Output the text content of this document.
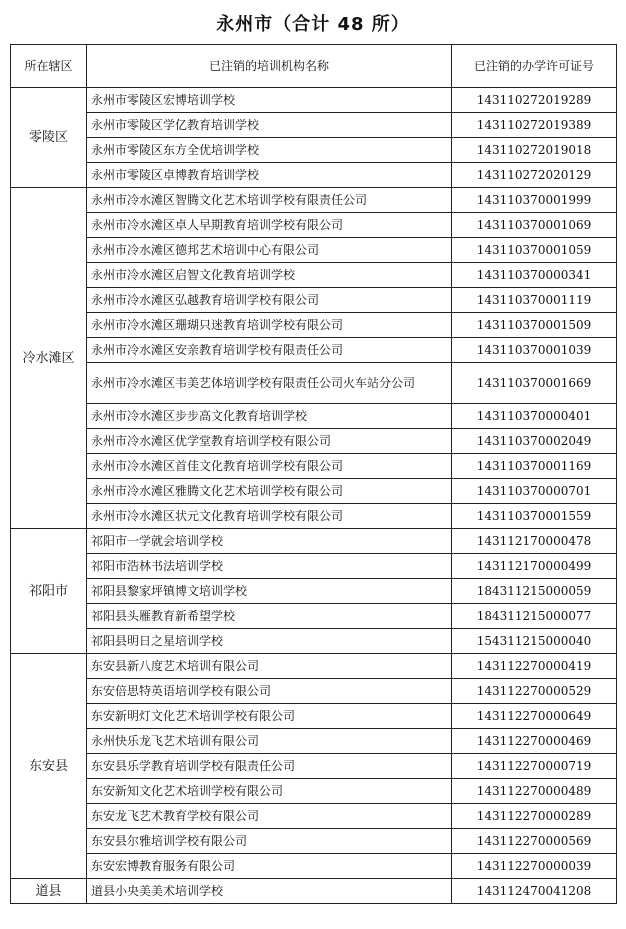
永州市（合计 48 所）
所在辖区	已注销的培训机构名称	已注销的办学许可证号
零陵区	永州市零陵区宏博培训学校	143110272019289
	永州市零陵区学亿教育培训学校	143110272019389
	永州市零陵区东方全优培训学校	143110272019018
	永州市零陵区卓博教育培训学校	143110272020129
冷水滩区	永州市冷水滩区智腾文化艺术培训学校有限责任公司	143110370001999
	永州市冷水滩区卓人早期教育培训学校有限公司	143110370001069
	永州市冷水滩区德邦艺术培训中心有限公司	143110370001059
	永州市冷水滩区启智文化教育培训学校	143110370000341
	永州市冷水滩区弘越教育培训学校有限公司	143110370001119
	永州市冷水滩区珊瑚只迷教育培训学校有限公司	143110370001509
	永州市冷水滩区安亲教育培训学校有限责任公司	143110370001039
	永州市冷水滩区韦美艺体培训学校有限责任公司火车站分公司	143110370001669
	永州市冷水滩区步步高文化教育培训学校	143110370000401
	永州市冷水滩区优学堂教育培训学校有限公司	143110370002049
	永州市冷水滩区首佳文化教育培训学校有限公司	143110370001169
	永州市冷水滩区雅腾文化艺术培训学校有限公司	143110370000701
	永州市冷水滩区状元文化教育培训学校有限公司	143110370001559
祁阳市	祁阳市一学就会培训学校	143112170000478
	祁阳市浩林书法培训学校	143112170000499
	祁阳县黎家坪镇博文培训学校	184311215000059
	祁阳县头雁教育新希望学校	184311215000077
	祁阳县明日之星培训学校	154311215000040
东安县	东安县新八度艺术培训有限公司	143112270000419
	东安倍思特英语培训学校有限公司	143112270000529
	东安新明灯文化艺术培训学校有限公司	143112270000649
	永州快乐龙飞艺术培训有限公司	143112270000469
	东安县乐学教育培训学校有限责任公司	143112270000719
	东安新知文化艺术培训学校有限公司	143112270000489
	东安龙飞艺术教育学校有限公司	143112270000289
	东安县尔雅培训学校有限公司	143112270000569
	东安宏博教育服务有限公司	143112270000039
道县	道县小央美美术培训学校	143112470041208
